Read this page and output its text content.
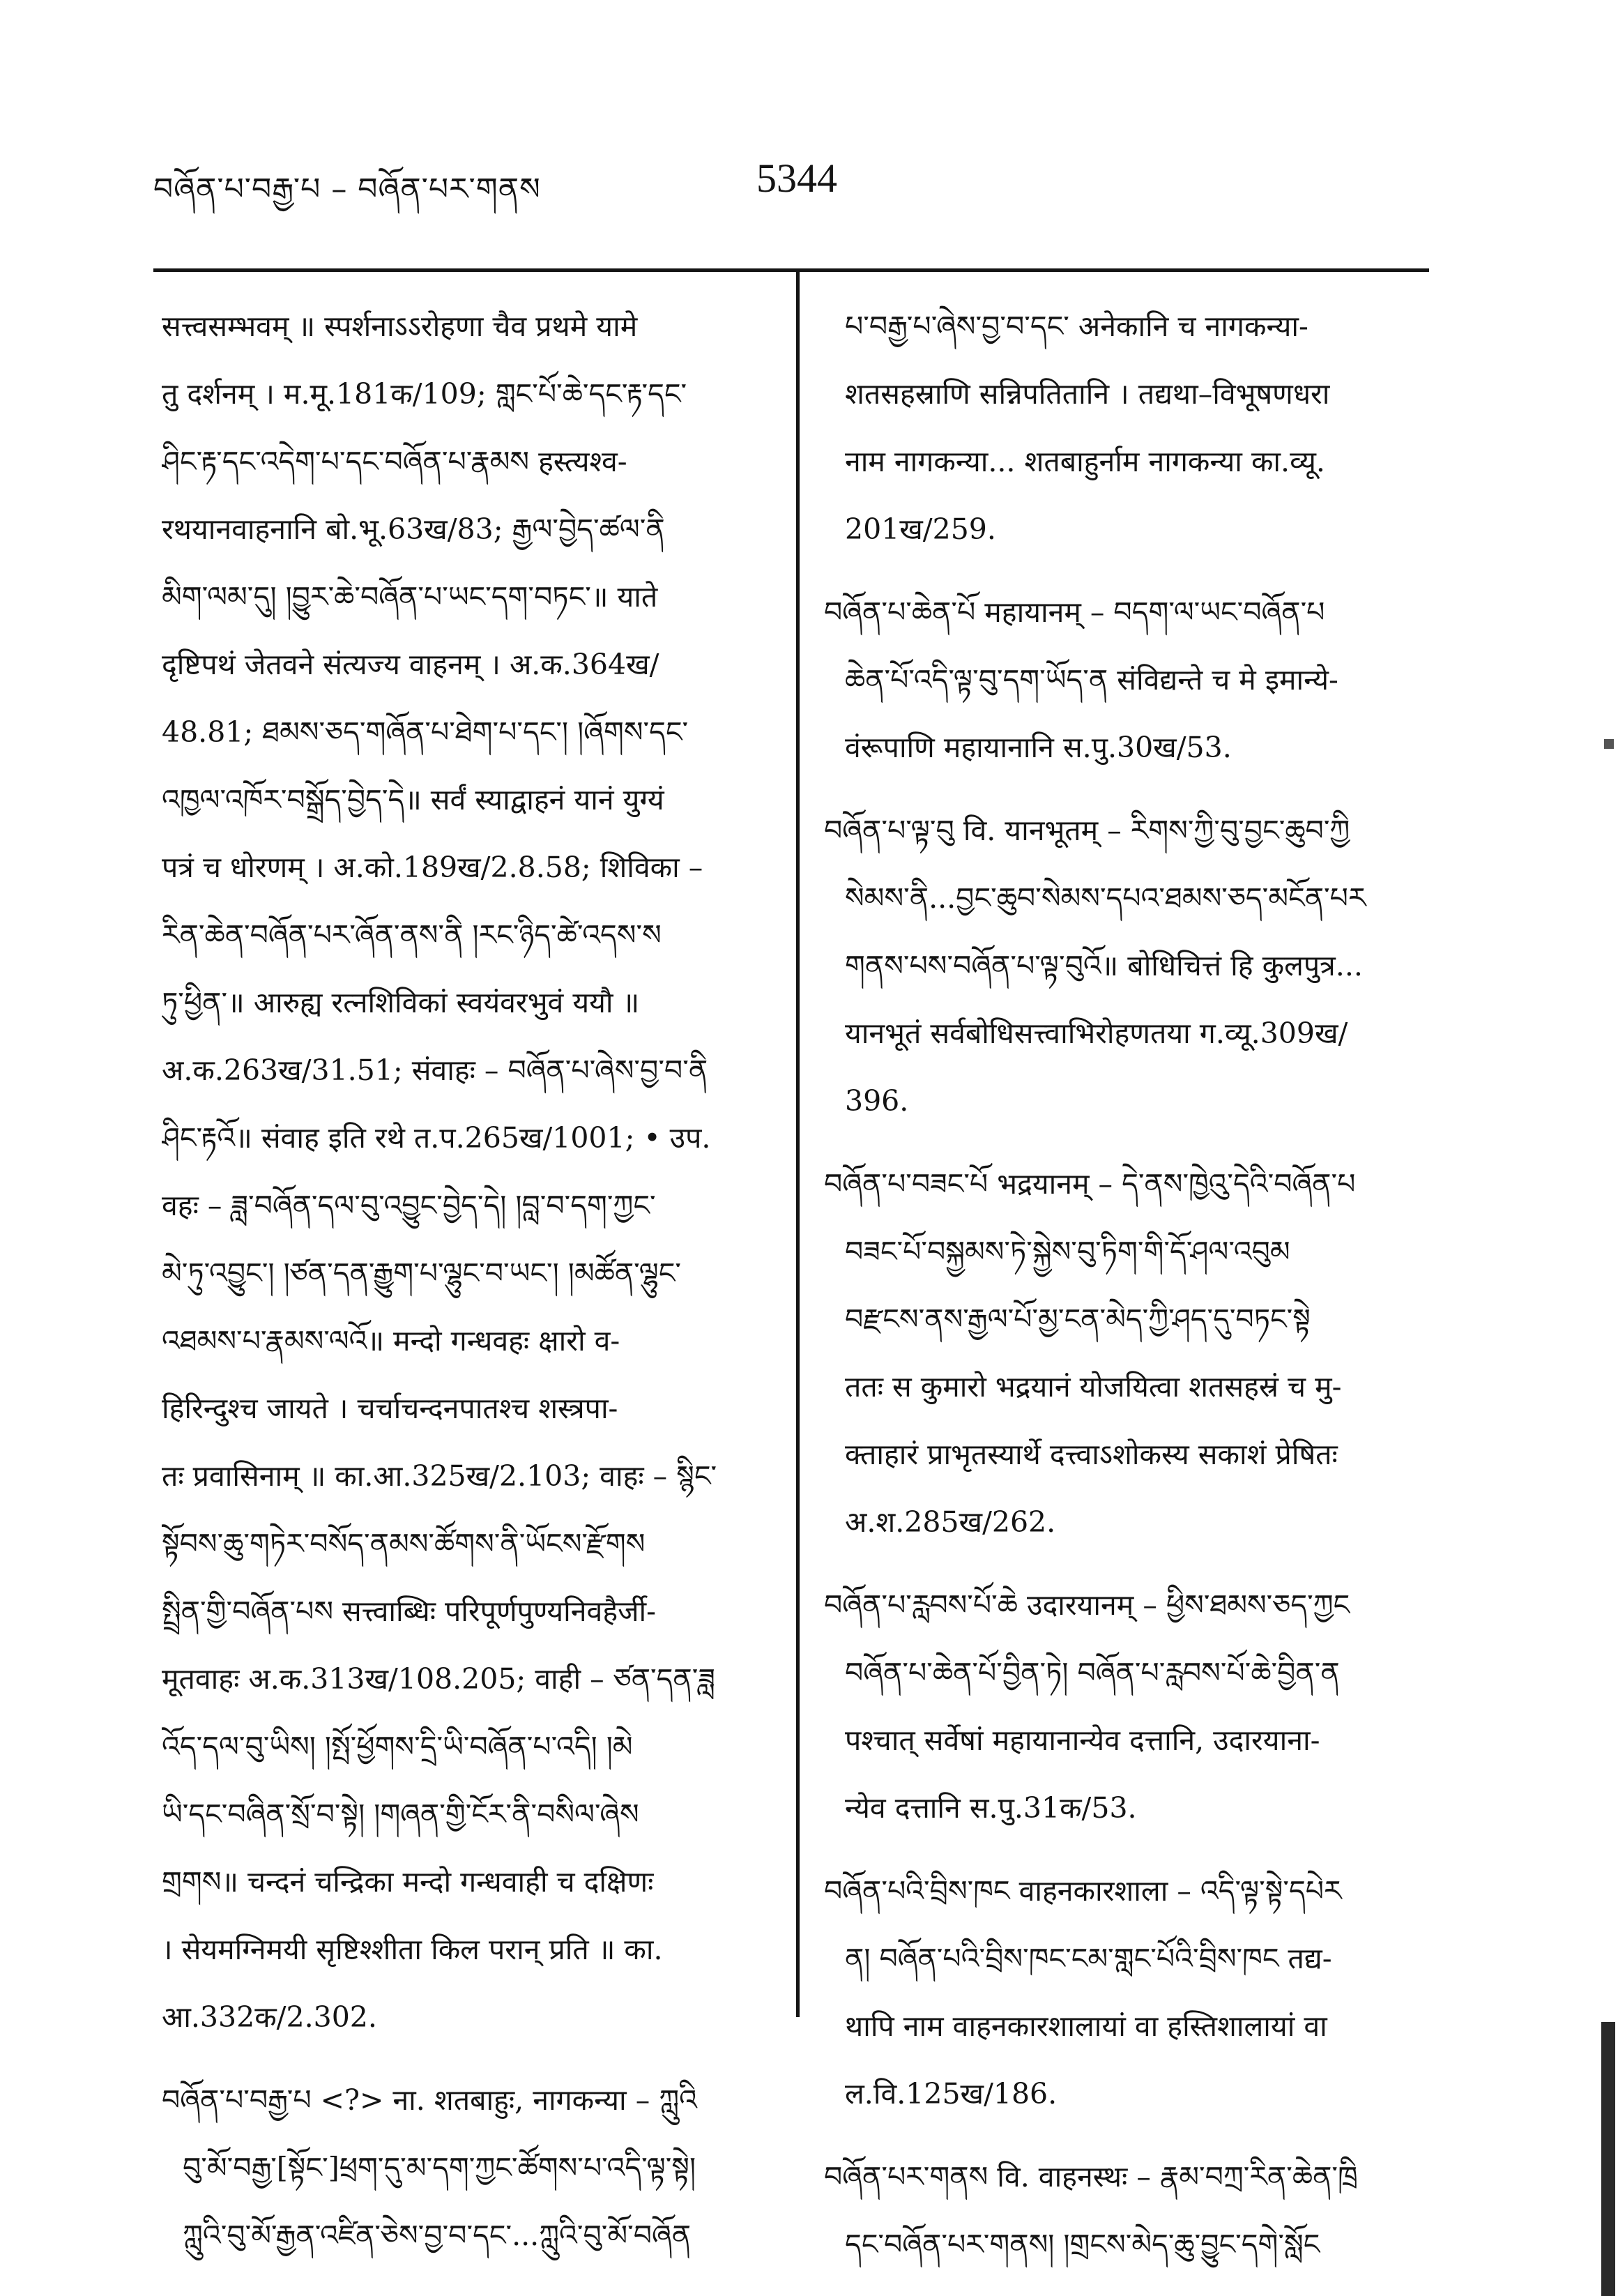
བཞོན་པ་བརྒྱ་པ – བཞོན་པར་གནས	5344
सत्त्वसम्भवम् ॥ स्पर्शनाऽऽरोहणा चैव प्रथमे यामे
तु दर्शनम् । म.मू.181क/109; གླང་པོ་ཆེ་དང་རྟ་དང་
ཤིང་རྟ་དང་འདེག་པ་དང་བཞོན་པ་རྣམས हस्त्यश्व-
रथयानवाहनानि बो.भू.63ख/83; རྒྱལ་བྱེད་ཚལ་ནི
མིག་ལམ་དུ། །བྱུར་ཆེ་བཞོན་པ་ཡང་དག་བཏང་॥ याते
दृष्टिपथं जेतवने संत्यज्य वाहनम् । अ.क.364ख/
48.81; ཐམས་ཅད་གཞོན་པ་ཐེག་པ་དང་། །ཞོགས་དང་
འཁྱལ་འཁོར་བསྒྲོད་བྱེད་དེ॥ सर्वं स्याद्वाहनं यानं युग्यं
पत्रं च धोरणम् । अ.को.189ख/2.8.58; शिविका –
རིན་ཆེན་བཞོན་པར་ཞོན་ནས་ནི །རང་ཉིད་ཚེ་འདས་ས
ཏུ་ཕྱིན་॥ आरुह्य रत्नशिविकां स्वयंवरभुवं ययौ ॥
अ.क.263ख/31.51; संवाहः – བཞོན་པ་ཞེས་བྱ་བ་ནི
ཤིང་རྟའོ॥ संवाह इति रथे त.प.265ख/1001; • उप.
वहः – ཟླ་བཞོན་དལ་བུ་འབྱུང་བྱེད་དེ། །བླ་བ་དག་ཀྱང་
མེ་ཏུ་འབྱུང་། །ཙན་དན་རྒྱུག་པ་ལྷུང་བ་ཡང་། །མཚོན་ལྷུང་
འཐམས་པ་རྣམས་ལའོ॥ मन्दो गन्धवहः क्षारो व-
हिरिन्दुश्च जायते । चर्चाचन्दनपातश्च शस्त्रपा-
तः प्रवासिनाम् ॥ का.आ.325ख/2.103; वाहः – སྙིང་
སྟོབས་ཆུ་གཏེར་བསོད་ནམས་ཚོགས་ནི་ཡོངས་རྫོགས
སྤྲིན་གྱི་བཞོན་པས सत्त्वाब्धिः परिपूर्णपुण्यनिवहैर्जी-
मूतवाहः अ.क.313ख/108.205; वाही – ཙན་དན་ཟླ
འོད་དལ་བུ་ཡིས། །སྤོ་ཕྱོགས་དྲི་ཡི་བཞོན་པ་འདི། །མེ
ཡི་དང་བཞིན་སྲོ་བ་སྟེ། །གཞན་གྱི་ངོར་ནི་བསིལ་ཞེས
གྲགས॥ चन्दनं चन्द्रिका मन्दो गन्धवाही च दक्षिणः
। सेयमग्निमयी सृष्टिश्शीता किल परान् प्रति ॥ का.
आ.332क/2.302.
བཞོན་པ་བརྒྱ་པ <?> ना. शतबाहुः, नागकन्या – ཀླུའི
བུ་མོ་བརྒྱ་[སྟོང་]ཕྲག་དུ་མ་དག་ཀྱང་ཚོགས་པ་འདི་ལྟ་སྟེ།
ཀླུའི་བུ་མོ་རྒྱན་འཛིན་ཅེས་བྱ་བ་དང་...ཀླུའི་བུ་མོ་བཞོན
པ་བརྒྱ་པ་ཞེས་བྱ་བ་དང་ अनेकानि च नागकन्या-
शतसहस्राणि सन्निपतितानि । तद्यथा–विभूषणधरा
नाम नागकन्या... शतबाहुर्नाम नागकन्या का.व्यू.
201ख/259.
བཞོན་པ་ཆེན་པོ महायानम् – བདག་ལ་ཡང་བཞོན་པ
ཆེན་པོ་འདི་ལྟ་བུ་དག་ཡོད་ན संविद्यन्ते च मे इमान्ये-
वंरूपाणि महायानानि स.पु.30ख/53.
བཞོན་པ་ལྟ་བུ वि. यानभूतम् – རིགས་ཀྱི་བུ་བྱང་ཆུབ་ཀྱི
སེམས་ནི...བྱང་ཆུབ་སེམས་དཔའ་ཐམས་ཅད་མངོན་པར
གནས་པས་བཞོན་པ་ལྟ་བུའོ॥ बोधिचित्तं हि कुलपुत्र...
यानभूतं सर्वबोधिसत्त्वाभिरोहणतया ग.व्यू.309ख/
396.
བཞོན་པ་བཟང་པོ भद्रयानम् – དེ་ནས་ཁྱེའུ་དེའི་བཞོན་པ
བཟང་པོ་བསྐྱམས་ཏེ་སྐྱེས་བུ་ཏིག་གི་དོ་ཤལ་འབུམ
བརྫངས་ནས་རྒྱལ་པོ་མྱ་ངན་མེད་ཀྱི་ཤད་དུ་བཏང་སྟེ
ततः स कुमारो भद्रयानं योजयित्वा शतसहस्रं च मु-
क्ताहारं प्राभृतस्यार्थे दत्त्वाऽशोकस्य सकाशं प्रेषितः
अ.श.285ख/262.
བཞོན་པ་རླབས་པོ་ཆེ उदारयानम् – ཕྱིས་ཐམས་ཅད་ཀྱང
བཞོན་པ་ཆེན་པོ་བྱིན་ཏེ། བཞོན་པ་རླབས་པོ་ཆེ་བྱིན་ན
पश्चात् सर्वेषां महायानान्येव दत्तानि, उदारयाना-
न्येव दत्तानि स.पु.31क/53.
བཞོན་པའི་བྲིས་ཁང वाहनकारशाला – འདི་ལྟ་སྟེ་དཔེར
ན། བཞོན་པའི་བྲིས་ཁང་ངམ་གླང་པོའི་བྲིས་ཁང तद्य-
थापि नाम वाहनकारशालायां वा हस्तिशालायां वा
ल.वि.125ख/186.
བཞོན་པར་གནས वि. वाहनस्थः – རྣམ་བཀྲ་རིན་ཆེན་ཁྲི
དང་བཞོན་པར་གནས། །གྲངས་མེད་ཆུ་བྱུང་དགེ་སློང
